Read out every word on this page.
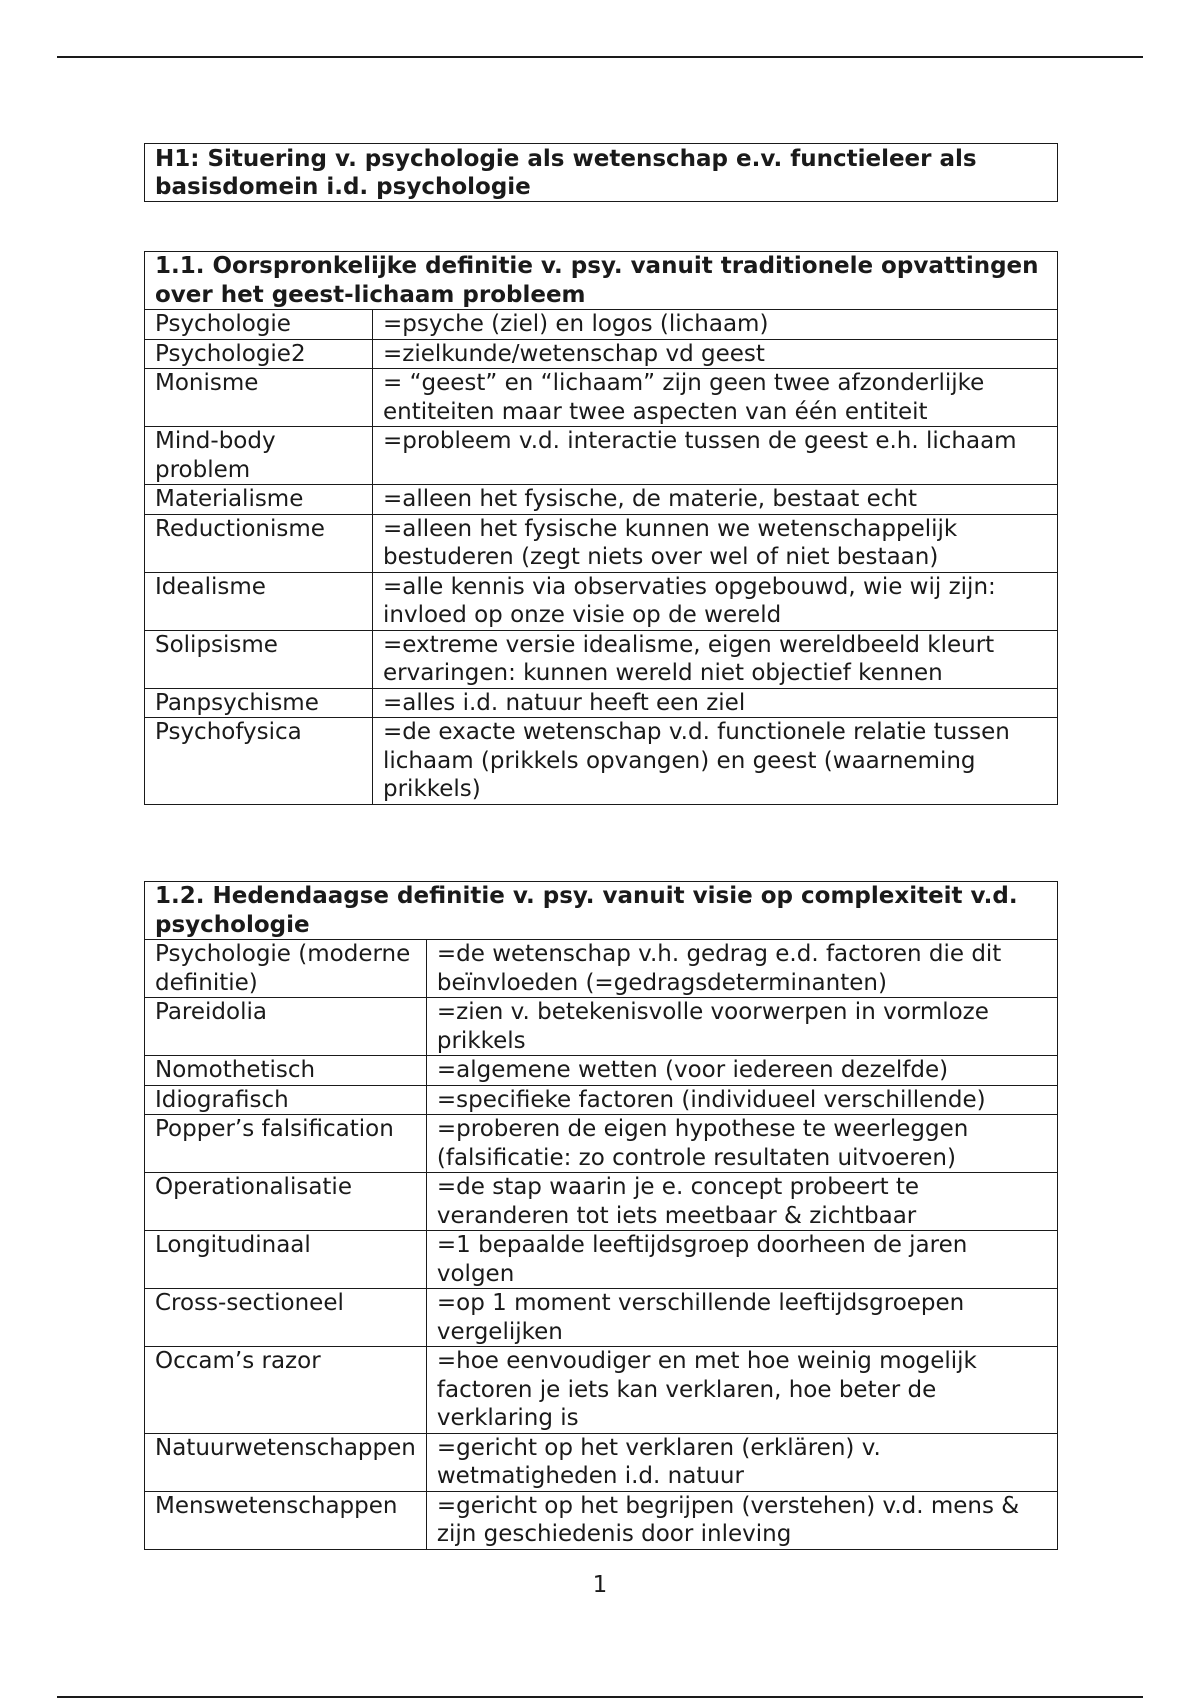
H1: Situering v. psychologie als wetenschap e.v. functieleer als basisdomein i.d. psychologie
1.1. Oorspronkelijke definitie v. psy. vanuit traditionele opvattingen over het geest-lichaam probleem	
Psychologie	=psyche (ziel) en logos (lichaam)
Psychologie2	=zielkunde/wetenschap vd geest
Monisme	= “geest” en “lichaam” zijn geen twee afzonderlijke entiteiten maar twee aspecten van één entiteit
Mind-body problem	=probleem v.d. interactie tussen de geest e.h. lichaam
Materialisme	=alleen het fysische, de materie, bestaat echt
Reductionisme	=alleen het fysische kunnen we wetenschappelijk bestuderen (zegt niets over wel of niet bestaan)
Idealisme	=alle kennis via observaties opgebouwd, wie wij zijn: invloed op onze visie op de wereld
Solipsisme	=extreme versie idealisme, eigen wereldbeeld kleurt ervaringen: kunnen wereld niet objectief kennen
Panpsychisme	=alles i.d. natuur heeft een ziel
Psychofysica	=de exacte wetenschap v.d. functionele relatie tussen lichaam (prikkels opvangen) en geest (waarneming prikkels)
1.2. Hedendaagse definitie v. psy. vanuit visie op complexiteit v.d. psychologie	
Psychologie (moderne definitie)	=de wetenschap v.h. gedrag e.d. factoren die dit beïnvloeden (=gedragsdeterminanten)
Pareidolia	=zien v. betekenisvolle voorwerpen in vormloze prikkels
Nomothetisch	=algemene wetten (voor iedereen dezelfde)
Idiografisch	=specifieke factoren (individueel verschillende)
Popper’s falsification	=proberen de eigen hypothese te weerleggen (falsificatie: zo controle resultaten uitvoeren)
Operationalisatie	=de stap waarin je e. concept probeert te veranderen tot iets meetbaar & zichtbaar
Longitudinaal	=1 bepaalde leeftijdsgroep doorheen de jaren volgen
Cross-sectioneel	=op 1 moment verschillende leeftijdsgroepen vergelijken
Occam’s razor	=hoe eenvoudiger en met hoe weinig mogelijk factoren je iets kan verklaren, hoe beter de verklaring is
Natuurwetenschappen	=gericht op het verklaren (erklären) v. wetmatigheden i.d. natuur
Menswetenschappen	=gericht op het begrijpen (verstehen) v.d. mens & zijn geschiedenis door inleving
1
